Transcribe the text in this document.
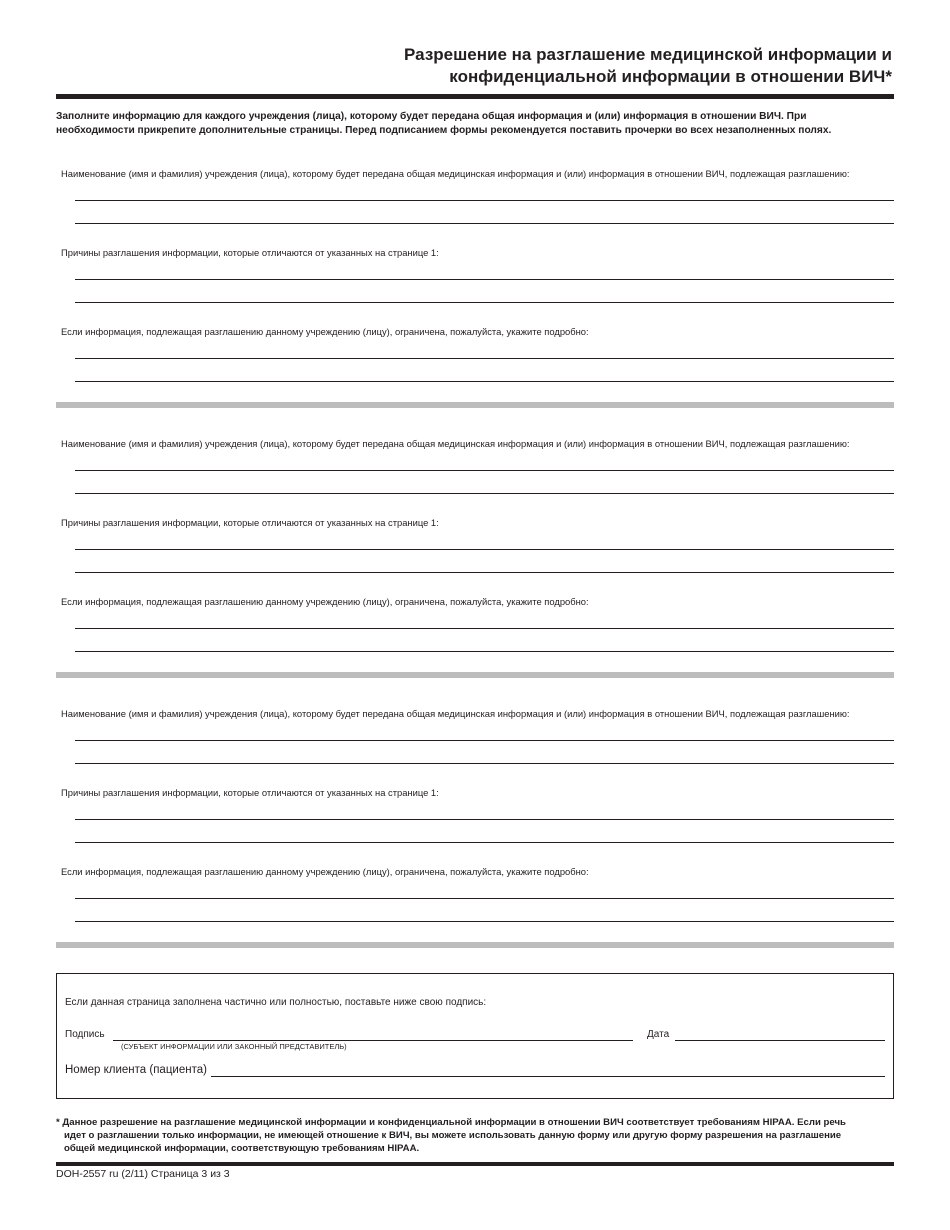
Разрешение на разглашение медицинской информации и
конфиденциальной информации в отношении ВИЧ*
Заполните информацию для каждого учреждения (лица), которому будет передана общая информация и (или) информация в отношении ВИЧ. При
необходимости прикрепите дополнительные страницы. Перед подписанием формы рекомендуется поставить прочерки во всех незаполненных полях.
Наименование (имя и фамилия) учреждения (лица), которому будет передана общая медицинская информация и (или) информация в отношении ВИЧ, подлежащая разглашению:
Причины разглашения информации, которые отличаются от указанных на странице 1:
Если информация, подлежащая разглашению данному учреждению (лицу), ограничена, пожалуйста, укажите подробно:
Наименование (имя и фамилия) учреждения (лица), которому будет передана общая медицинская информация и (или) информация в отношении ВИЧ, подлежащая разглашению:
Причины разглашения информации, которые отличаются от указанных на странице 1:
Если информация, подлежащая разглашению данному учреждению (лицу), ограничена, пожалуйста, укажите подробно:
Наименование (имя и фамилия) учреждения (лица), которому будет передана общая медицинская информация и (или) информация в отношении ВИЧ, подлежащая разглашению:
Причины разглашения информации, которые отличаются от указанных на странице 1:
Если информация, подлежащая разглашению данному учреждению (лицу), ограничена, пожалуйста, укажите подробно:
Если данная страница заполнена частично или полностью, поставьте ниже свою подпись:
Подпись
(СУБЪЕКТ ИНФОРМАЦИИ ИЛИ ЗАКОННЫЙ ПРЕДСТАВИТЕЛЬ)
Дата
Номер клиента (пациента)
* Данное разрешение на разглашение медицинской информации и конфиденциальной информации в отношении ВИЧ соответствует требованиям HIPAA. Если речь
идет о разглашении только информации, не имеющей отношение к ВИЧ, вы можете использовать данную форму или другую форму разрешения на разглашение
общей медицинской информации, соответствующую требованиям HIPAA.
DOH-2557 ru (2/11) Страница 3 из 3
